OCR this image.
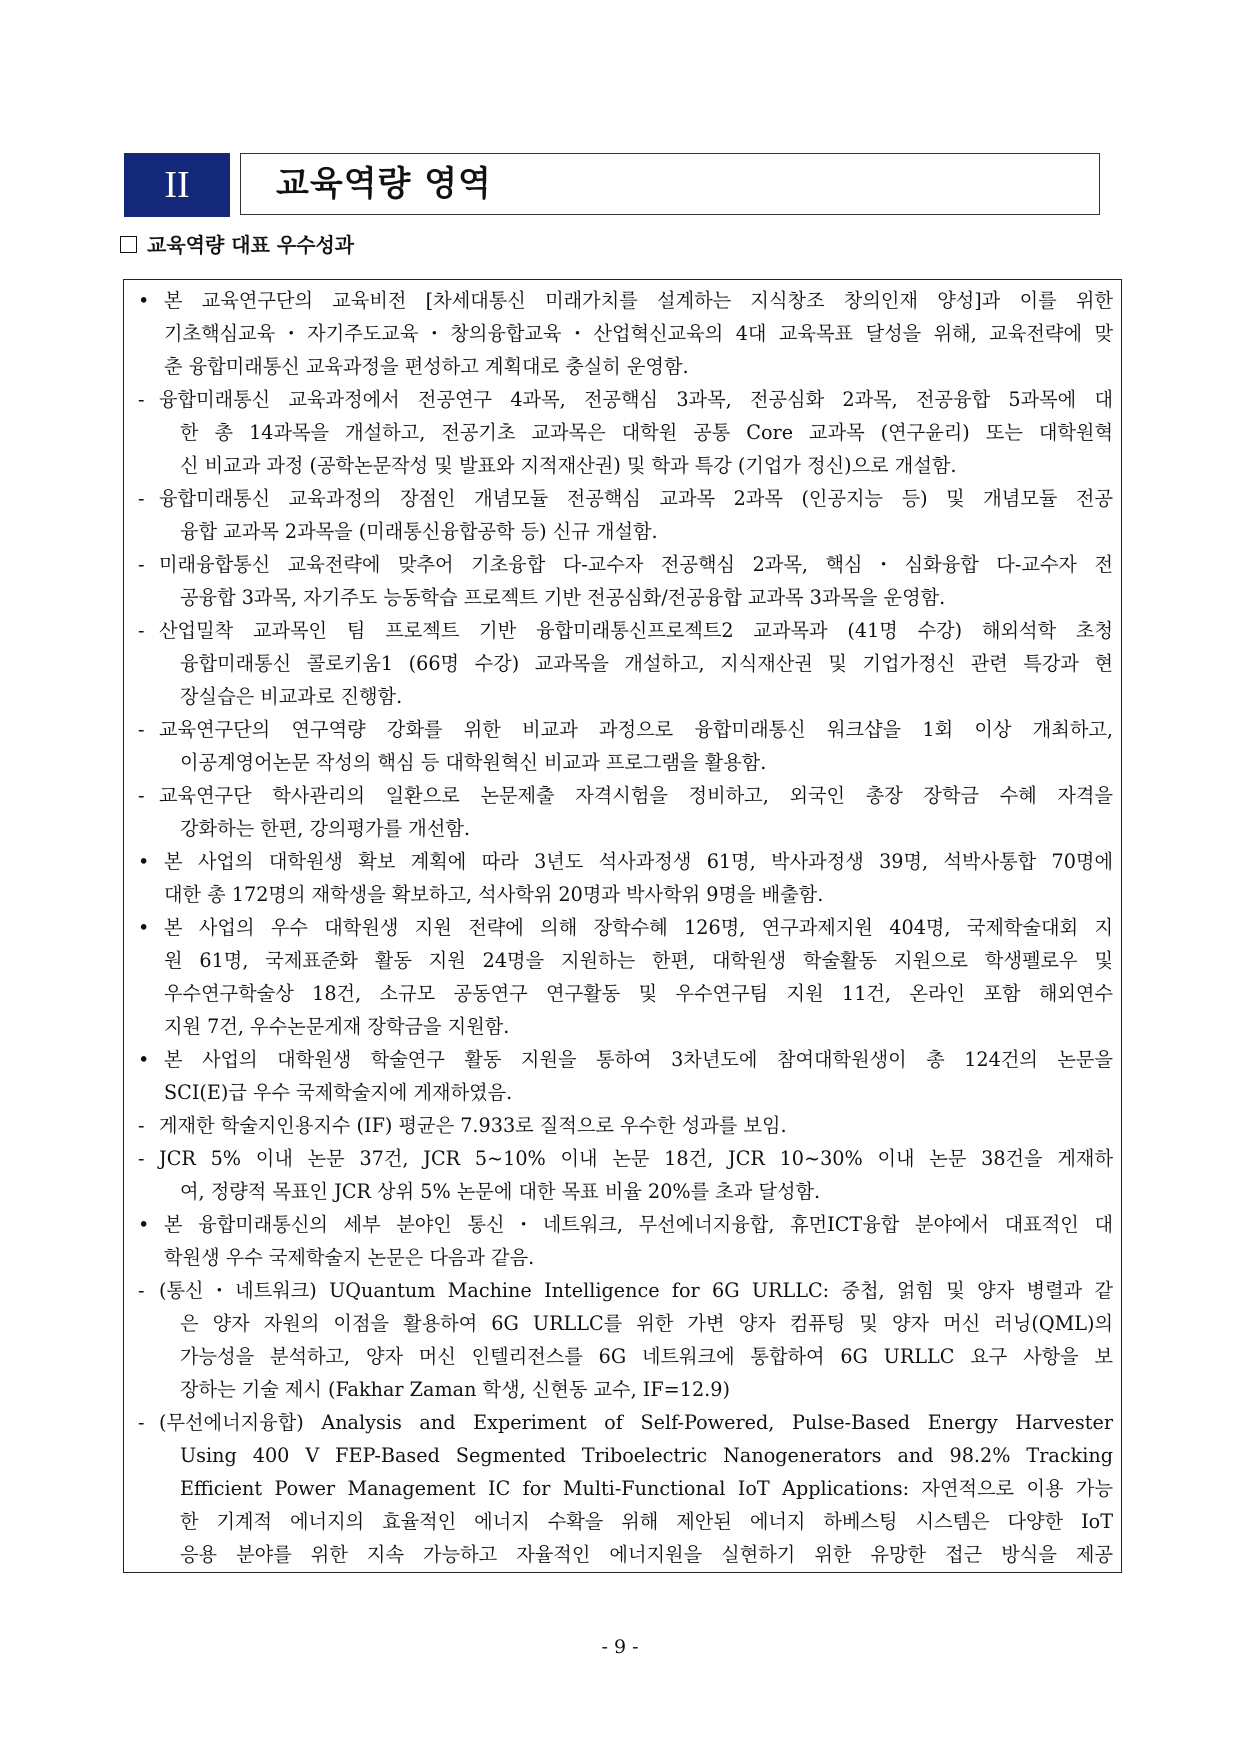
II	교육역량 영역
교육역량 대표 우수성과
• 본 교육연구단의 교육비전 [차세대통신 미래가치를 설계하는 지식창조 창의인재 양성]과 이를 위한
기초핵심교육・자기주도교육・창의융합교육・산업혁신교육의 4대 교육목표 달성을 위해, 교육전략에 맞
춘 융합미래통신 교육과정을 편성하고 계획대로 충실히 운영함.
- 융합미래통신 교육과정에서 전공연구 4과목, 전공핵심 3과목, 전공심화 2과목, 전공융합 5과목에 대
한 총 14과목을 개설하고, 전공기초 교과목은 대학원 공통 Core 교과목 (연구윤리) 또는 대학원혁
신 비교과 과정 (공학논문작성 및 발표와 지적재산권) 및 학과 특강 (기업가 정신)으로 개설함.
- 융합미래통신 교육과정의 장점인 개념모듈 전공핵심 교과목 2과목 (인공지능 등) 및 개념모듈 전공
융합 교과목 2과목을 (미래통신융합공학 등) 신규 개설함.
- 미래융합통신 교육전략에 맞추어 기초융합 다-교수자 전공핵심 2과목, 핵심・심화융합 다-교수자 전
공융합 3과목, 자기주도 능동학습 프로젝트 기반 전공심화/전공융합 교과목 3과목을 운영함.
- 산업밀착 교과목인 팀 프로젝트 기반 융합미래통신프로젝트2 교과목과 (41명 수강) 해외석학 초청
융합미래통신 콜로키움1 (66명 수강) 교과목을 개설하고, 지식재산권 및 기업가정신 관련 특강과 현
장실습은 비교과로 진행함.
- 교육연구단의 연구역량 강화를 위한 비교과 과정으로 융합미래통신 워크샵을 1회 이상 개최하고,
이공계영어논문 작성의 핵심 등 대학원혁신 비교과 프로그램을 활용함.
- 교육연구단 학사관리의 일환으로 논문제출 자격시험을 정비하고, 외국인 총장 장학금 수혜 자격을
강화하는 한편, 강의평가를 개선함.
• 본 사업의 대학원생 확보 계획에 따라 3년도 석사과정생 61명, 박사과정생 39명, 석박사통합 70명에
대한 총 172명의 재학생을 확보하고, 석사학위 20명과 박사학위 9명을 배출함.
• 본 사업의 우수 대학원생 지원 전략에 의해 장학수혜 126명, 연구과제지원 404명, 국제학술대회 지
원 61명, 국제표준화 활동 지원 24명을 지원하는 한편, 대학원생 학술활동 지원으로 학생펠로우 및
우수연구학술상 18건, 소규모 공동연구 연구활동 및 우수연구팀 지원 11건, 온라인 포함 해외연수
지원 7건, 우수논문게재 장학금을 지원함.
• 본 사업의 대학원생 학술연구 활동 지원을 통하여 3차년도에 참여대학원생이 총 124건의 논문을
SCI(E)급 우수 국제학술지에 게재하였음.
- 게재한 학술지인용지수 (IF) 평균은 7.933로 질적으로 우수한 성과를 보임.
- JCR 5% 이내 논문 37건, JCR 5~10% 이내 논문 18건, JCR 10~30% 이내 논문 38건을 게재하
여, 정량적 목표인 JCR 상위 5% 논문에 대한 목표 비율 20%를 초과 달성함.
• 본 융합미래통신의 세부 분야인 통신・네트워크, 무선에너지융합, 휴먼ICT융합 분야에서 대표적인 대
학원생 우수 국제학술지 논문은 다음과 같음.
- (통신・네트워크) UQuantum Machine Intelligence for 6G URLLC: 중첩, 얽힘 및 양자 병렬과 같
은 양자 자원의 이점을 활용하여 6G URLLC를 위한 가변 양자 컴퓨팅 및 양자 머신 러닝(QML)의
가능성을 분석하고, 양자 머신 인텔리전스를 6G 네트워크에 통합하여 6G URLLC 요구 사항을 보
장하는 기술 제시 (Fakhar Zaman 학생, 신현동 교수, IF=12.9)
- (무선에너지융합) Analysis and Experiment of Self-Powered, Pulse-Based Energy Harvester
Using 400 V FEP-Based Segmented Triboelectric Nanogenerators and 98.2% Tracking
Efficient Power Management IC for Multi-Functional IoT Applications: 자연적으로 이용 가능
한 기계적 에너지의 효율적인 에너지 수확을 위해 제안된 에너지 하베스팅 시스템은 다양한 IoT
응용 분야를 위한 지속 가능하고 자율적인 에너지원을 실현하기 위한 유망한 접근 방식을 제공
- 9 -
